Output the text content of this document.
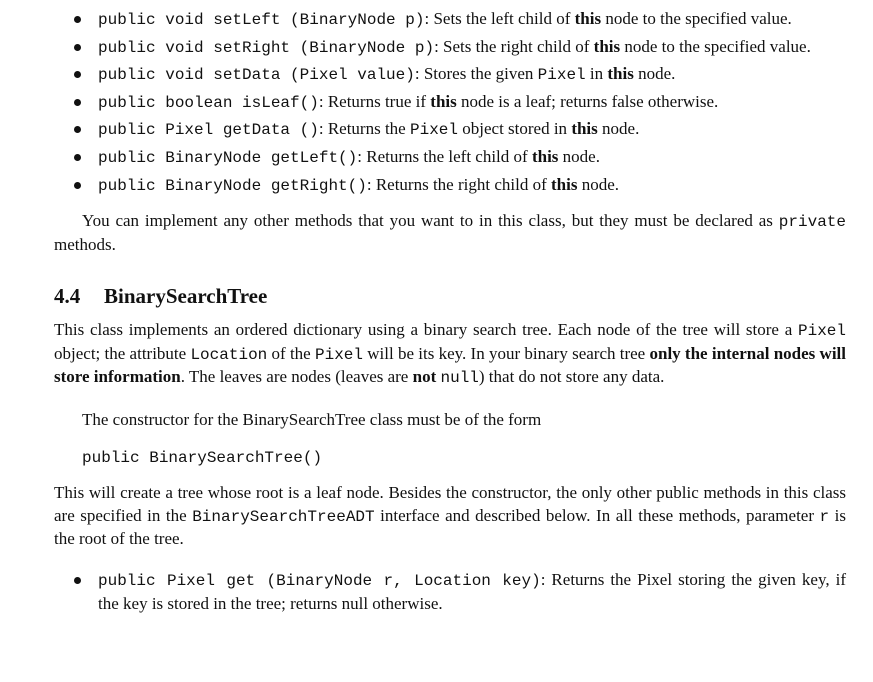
public void setLeft (BinaryNode p): Sets the left child of this node to the specified value.
public void setRight (BinaryNode p): Sets the right child of this node to the specified value.
public void setData (Pixel value): Stores the given Pixel in this node.
public boolean isLeaf(): Returns true if this node is a leaf; returns false otherwise.
public Pixel getData (): Returns the Pixel object stored in this node.
public BinaryNode getLeft(): Returns the left child of this node.
public BinaryNode getRight(): Returns the right child of this node.

You can implement any other methods that you want to in this class, but they must be declared as private methods.

4.4 BinarySearchTree

This class implements an ordered dictionary using a binary search tree. Each node of the tree will store a Pixel object; the attribute Location of the Pixel will be its key. In your binary search tree only the internal nodes will store information. The leaves are nodes (leaves are not null) that do not store any data.

The constructor for the BinarySearchTree class must be of the form

public BinarySearchTree()

This will create a tree whose root is a leaf node. Besides the constructor, the only other public methods in this class are specified in the BinarySearchTreeADT interface and described below. In all these methods, parameter r is the root of the tree.

public Pixel get (BinaryNode r, Location key): Returns the Pixel storing the given key, if the key is stored in the tree; returns null otherwise.
